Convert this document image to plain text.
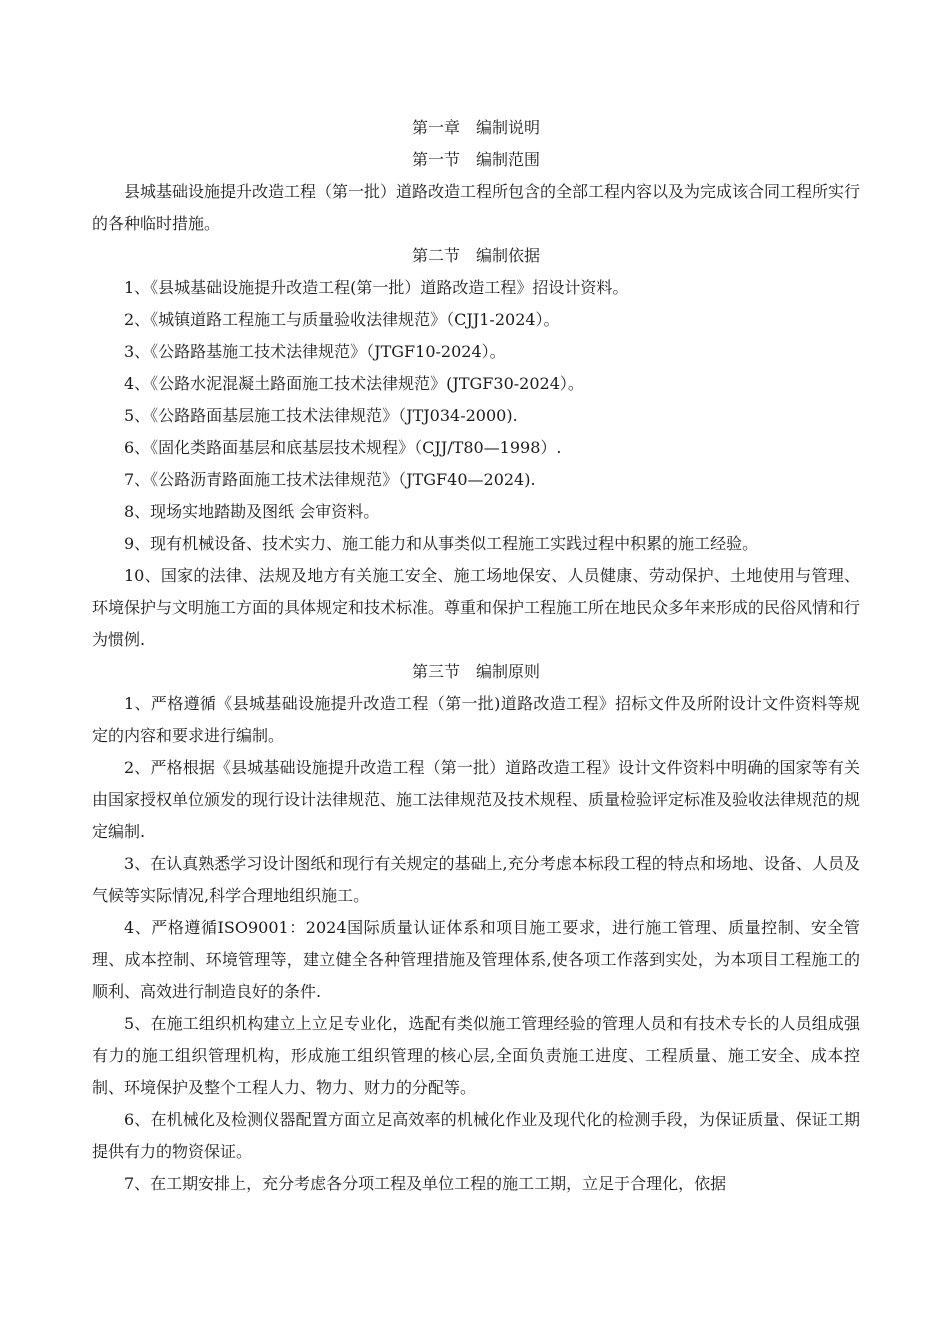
第一章　编制说明
第一节　编制范围

县城基础设施提升改造工程（第一批）道路改造工程所包含的全部工程内容以及为完成该合同工程所实行的各种临时措施。

第二节　编制依据

1、《县城基础设施提升改造工程(第一批）道路改造工程》招设计资料。

2、《城镇道路工程施工与质量验收法律规范》（CJJ1-2024）。

3、《公路路基施工技术法律规范》（JTGF10-2024）。

4、《公路水泥混凝土路面施工技术法律规范》(JTGF30-2024）。

5、《公路路面基层施工技术法律规范》（JTJ034-2000).

6、《固化类路面基层和底基层技术规程》（CJJ/T80—1998）.

7、《公路沥青路面施工技术法律规范》（JTGF40—2024).

8、现场实地踏勘及图纸 会审资料。

9、现有机械设备、技术实力、施工能力和从事类似工程施工实践过程中积累的施工经验。

10、国家的法律、法规及地方有关施工安全、施工场地保安、人员健康、劳动保护、土地使用与管理、环境保护与文明施工方面的具体规定和技术标准。尊重和保护工程施工所在地民众多年来形成的民俗风情和行为惯例.

第三节　编制原则

1、严格遵循《县城基础设施提升改造工程（第一批)道路改造工程》招标文件及所附设计文件资料等规定的内容和要求进行编制。

2、严格根据《县城基础设施提升改造工程（第一批）道路改造工程》设计文件资料中明确的国家等有关由国家授权单位颁发的现行设计法律规范、施工法律规范及技术规程、质量检验评定标准及验收法律规范的规定编制.

3、在认真熟悉学习设计图纸和现行有关规定的基础上,充分考虑本标段工程的特点和场地、设备、人员及气候等实际情况,科学合理地组织施工。

4、严格遵循ISO9001：2024国际质量认证体系和项目施工要求，进行施工管理、质量控制、安全管理、成本控制、环境管理等，建立健全各种管理措施及管理体系,使各项工作落到实处，为本项目工程施工的顺利、高效进行制造良好的条件.

5、在施工组织机构建立上立足专业化，选配有类似施工管理经验的管理人员和有技术专长的人员组成强有力的施工组织管理机构，形成施工组织管理的核心层,全面负责施工进度、工程质量、施工安全、成本控制、环境保护及整个工程人力、物力、财力的分配等。

6、在机械化及检测仪器配置方面立足高效率的机械化作业及现代化的检测手段，为保证质量、保证工期提供有力的物资保证。

7、在工期安排上，充分考虑各分项工程及单位工程的施工工期，立足于合理化，依据
